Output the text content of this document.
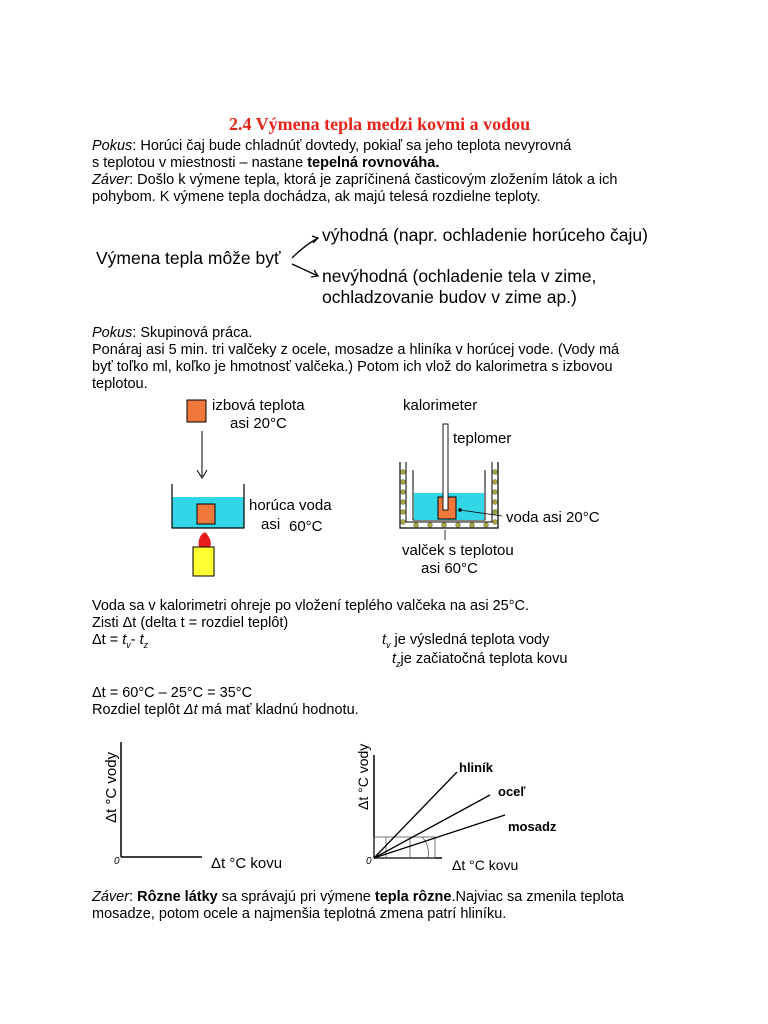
2.4 Výmena tepla medzi kovmi a vodou
Pokus: Horúci čaj bude chladnúť dovtedy, pokiaľ sa jeho teplota nevyrovná
s teplotou v miestnosti – nastane tepelná rovnováha.
Záver: Došlo k výmene tepla, ktorá je zapríčinená časticovým zložením látok a ich
pohybom. K výmene tepla dochádza, ak majú telesá rozdielne teploty.
Výmena tepla môže byť
výhodná (napr. ochladenie horúceho čaju)
nevýhodná (ochladenie tela v zime,
ochladzovanie budov v zime ap.)
Pokus: Skupinová práca.
Ponáraj asi 5 min. tri valčeky z ocele, mosadze a hliníka v horúcej vode. (Vody má
byť toľko ml, koľko je hmotnosť valčeka.) Potom ich vlož do kalorimetra s izbovou
teplotou.
izbová teplota
asi 20°C
horúca voda
asi 60°C
kalorimeter
teplomer
voda asi 20°C
valček s teplotou
asi 60°C
Voda sa v kalorimetri ohreje po vložení teplého valčeka na asi 25°C.
Zisti Δt (delta t = rozdiel teplôt)
$\Delta t = t_v-$ $t_z$	$t_v$ je výsledná teplota vody
$t_zje$ začiatočná teplota kovu
Δt = 60°C – 25°C = 35°C
Rozdiel teplôt Δt má mať kladnú hodnotu.
0	Δt °C kovu
Δt °C vody
0	Δt °C kovu
Δt °C vody	hliník
oceľ
mosadz
Záver: Rôzne látky sa správajú pri výmene tepla rôzne.Najviac sa zmenila teplota
mosadze, potom ocele a najmenšia teplotná zmena patrí hliníku.
